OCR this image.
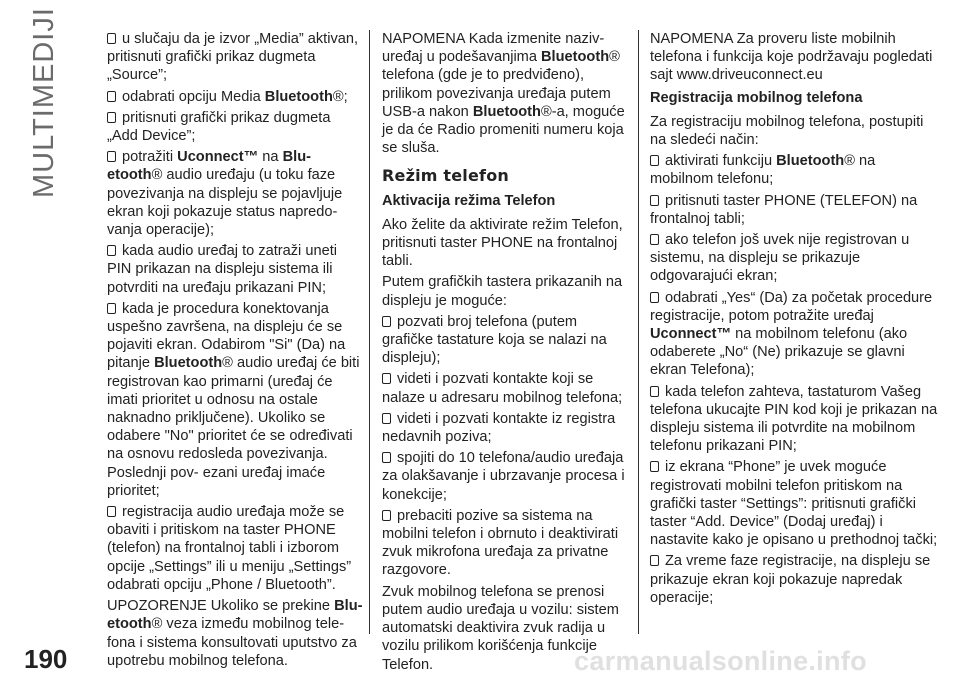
MULTIMEDIJI	u slučaju da je izvor „Media” aktivan, pritisnuti grafički prikaz dugmeta „Source”;

odabrati opciju Media Bluetooth®;

pritisnuti grafički prikaz dugmeta „Add Device”;

potražiti Uconnect™ na Blu- etooth® audio uređaju (u toku faze povezivanja na displeju se pojavljuje ekran koji pokazuje status napredo- vanja operacije);

kada audio uređaj to zatraži uneti PIN prikazan na displeju sistema ili potvrditi na uređaju prikazani PIN;

kada je procedura konektovanja uspešno završena, na displeju će se pojaviti ekran. Odabirom "Si" (Da) na pitanje Bluetooth® audio uređaj će biti registrovan kao primarni (uređaj će imati prioritet u odnosu na ostale naknadno priključene). Ukoliko se odabere "No" prioritet će se određivati na osnovu redosleda povezivanja. Poslednji pov- ezani uređaj imaće prioritet;

registracija audio uređaja može se obaviti i pritiskom na taster PHONE (telefon) na frontalnoj tabli i izborom opcije „Settings” ili u meniju „Settings” odabrati opciju „Phone / Bluetooth”.

UPOZORENJE Ukoliko se prekine Blu- etooth® veza između mobilnog tele- fona i sistema konsultovati uputstvo za upotrebu mobilnog telefona.

NAPOMENA Kada izmenite naziv- uređaj u podešavanjima Bluetooth® telefona (gde je to predviđeno), prilikom povezivanja uređaja putem USB-a nakon Bluetooth®-a, moguće je da će Radio promeniti numeru koja se sluša.

Režim telefon
Aktivacija režima Telefon

Ako želite da aktivirate režim Telefon, pritisnuti taster PHONE na frontalnoj tabli.

Putem grafičkih tastera prikazanih na displeju je moguće:

pozvati broj telefona (putem grafičke tastature koja se nalazi na displeju);

videti i pozvati kontakte koji se nalaze u adresaru mobilnog telefona;

videti i pozvati kontakte iz registra nedavnih poziva;

spojiti do 10 telefona/audio uređaja za olakšavanje i ubrzavanje procesa i konekcije;

prebaciti pozive sa sistema na mobilni telefon i obrnuto i deaktivirati zvuk mikrofona uređaja za privatne razgovore.

Zvuk mobilnog telefona se prenosi putem audio uređaja u vozilu: sistem automatski deaktivira zvuk radija u vozilu prilikom korišćenja funkcije Telefon.

NAPOMENA Za proveru liste mobilnih telefona i funkcija koje podržavaju pogledati sajt www.driveuconnect.eu

Registracija mobilnog telefona

Za registraciju mobilnog telefona, postupiti na sledeći način:

aktivirati funkciju Bluetooth® na mobilnom telefonu;

pritisnuti taster PHONE (TELEFON) na frontalnoj tabli;

ako telefon još uvek nije registrovan u sistemu, na displeju se prikazuje odgovarajući ekran;

odabrati „Yes“ (Da) za početak procedure registracije, potom potražite uređaj Uconnect™ na mobilnom telefonu (ako odaberete „No“ (Ne) prikazuje se glavni ekran Telefona);

kada telefon zahteva, tastaturom Vašeg telefona ukucajte PIN kod koji je prikazan na displeju sistema ili potvrdite na mobilnom telefonu prikazani PIN;

iz ekrana “Phone” je uvek moguće registrovati mobilni telefon pritiskom na grafički taster “Settings”: pritisnuti grafički taster “Add. Device” (Dodaj uređaj) i nastavite kako je opisano u prethodnoj tački;

Za vreme faze registracije, na displeju se prikazuje ekran koji pokazuje napredak operacije;

190	carmanualsonline.info
